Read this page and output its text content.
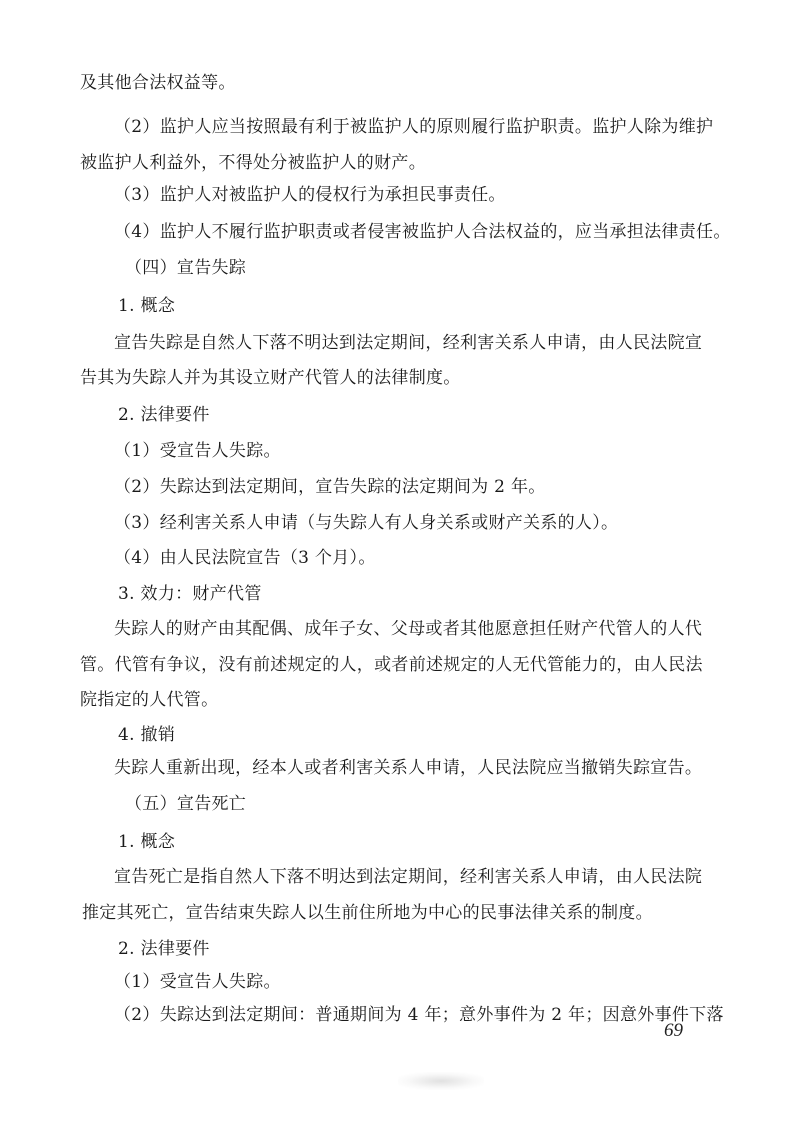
及其他合法权益等。
（2）监护人应当按照最有利于被监护人的原则履行监护职责。监护人除为维护
被监护人利益外，不得处分被监护人的财产。
（3）监护人对被监护人的侵权行为承担民事责任。
（4）监护人不履行监护职责或者侵害被监护人合法权益的，应当承担法律责任。
（四）宣告失踪
1. 概念
宣告失踪是自然人下落不明达到法定期间，经利害关系人申请，由人民法院宣
告其为失踪人并为其设立财产代管人的法律制度。
2. 法律要件
（1）受宣告人失踪。
（2）失踪达到法定期间，宣告失踪的法定期间为 2 年。
（3）经利害关系人申请（与失踪人有人身关系或财产关系的人）。
（4）由人民法院宣告（3 个月）。
3. 效力：财产代管
失踪人的财产由其配偶、成年子女、父母或者其他愿意担任财产代管人的人代
管。代管有争议，没有前述规定的人，或者前述规定的人无代管能力的，由人民法
院指定的人代管。
4. 撤销
失踪人重新出现，经本人或者利害关系人申请，人民法院应当撤销失踪宣告。
（五）宣告死亡
1. 概念
宣告死亡是指自然人下落不明达到法定期间，经利害关系人申请，由人民法院
推定其死亡，宣告结束失踪人以生前住所地为中心的民事法律关系的制度。
2. 法律要件
（1）受宣告人失踪。
（2）失踪达到法定期间：普通期间为 4 年；意外事件为 2 年；因意外事件下落
69
